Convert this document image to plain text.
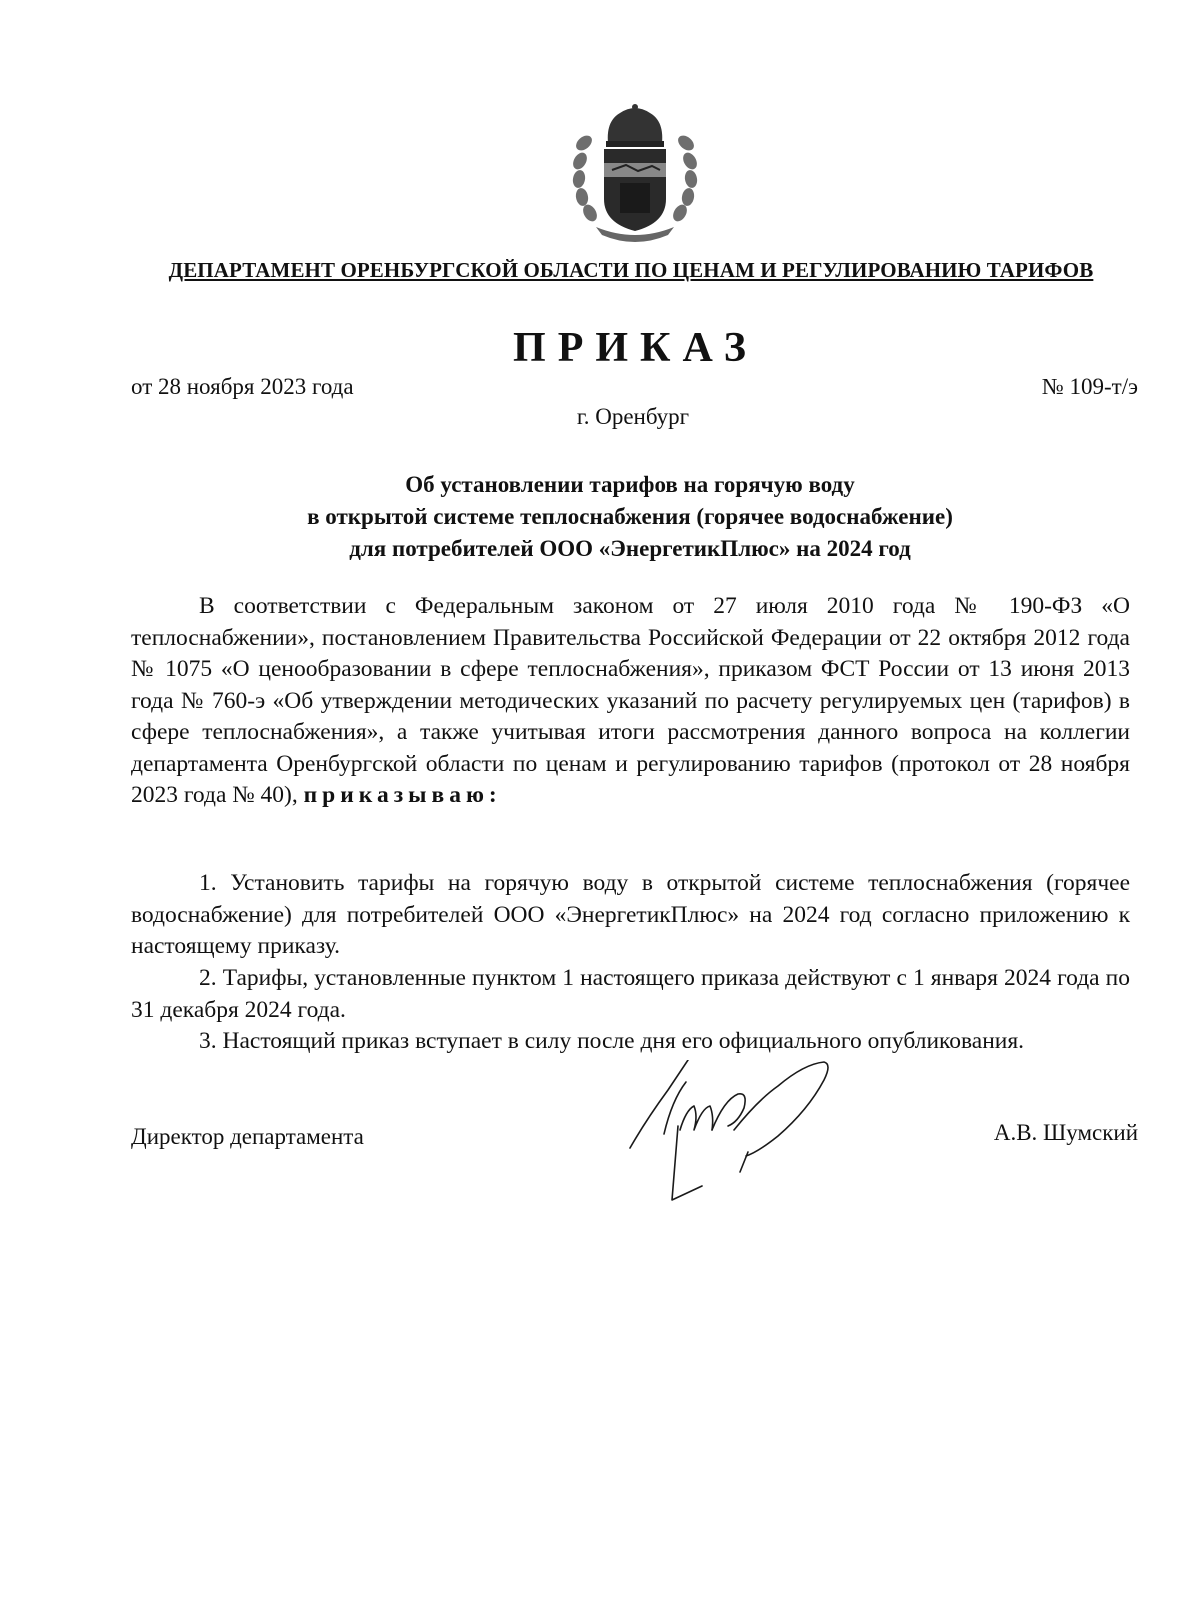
ДЕПАРТАМЕНТ ОРЕНБУРГСКОЙ ОБЛАСТИ ПО ЦЕНАМ И РЕГУЛИРОВАНИЮ ТАРИФОВ
ПРИКАЗ
от 28 ноября 2023 года	№ 109-т/э
г. Оренбург
Об установлении тарифов на горячую воду
в открытой системе теплоснабжения (горячее водоснабжение)
для потребителей ООО «ЭнергетикПлюс» на 2024 год
В соответствии с Федеральным законом от 27 июля 2010 года № 190-ФЗ «О теплоснабжении», постановлением Правительства Российской Федерации от 22 октября 2012 года № 1075 «О ценообразовании в сфере теплоснабжения», приказом ФСТ России от 13 июня 2013 года № 760-э «Об утверждении методических указаний по расчету регулируемых цен (тарифов) в сфере теплоснабжения», а также учитывая итоги рассмотрения данного вопроса на коллегии департамента Оренбургской области по ценам и регулированию тарифов (протокол от 28 ноября 2023 года № 40), приказываю:
1. Установить тарифы на горячую воду в открытой системе теплоснабжения (горячее водоснабжение) для потребителей ООО «ЭнергетикПлюс» на 2024 год согласно приложению к настоящему приказу.
2. Тарифы, установленные пунктом 1 настоящего приказа действуют с 1 января 2024 года по 31 декабря 2024 года.
3. Настоящий приказ вступает в силу после дня его официального опубликования.
Директор департамента	А.В. Шумский
